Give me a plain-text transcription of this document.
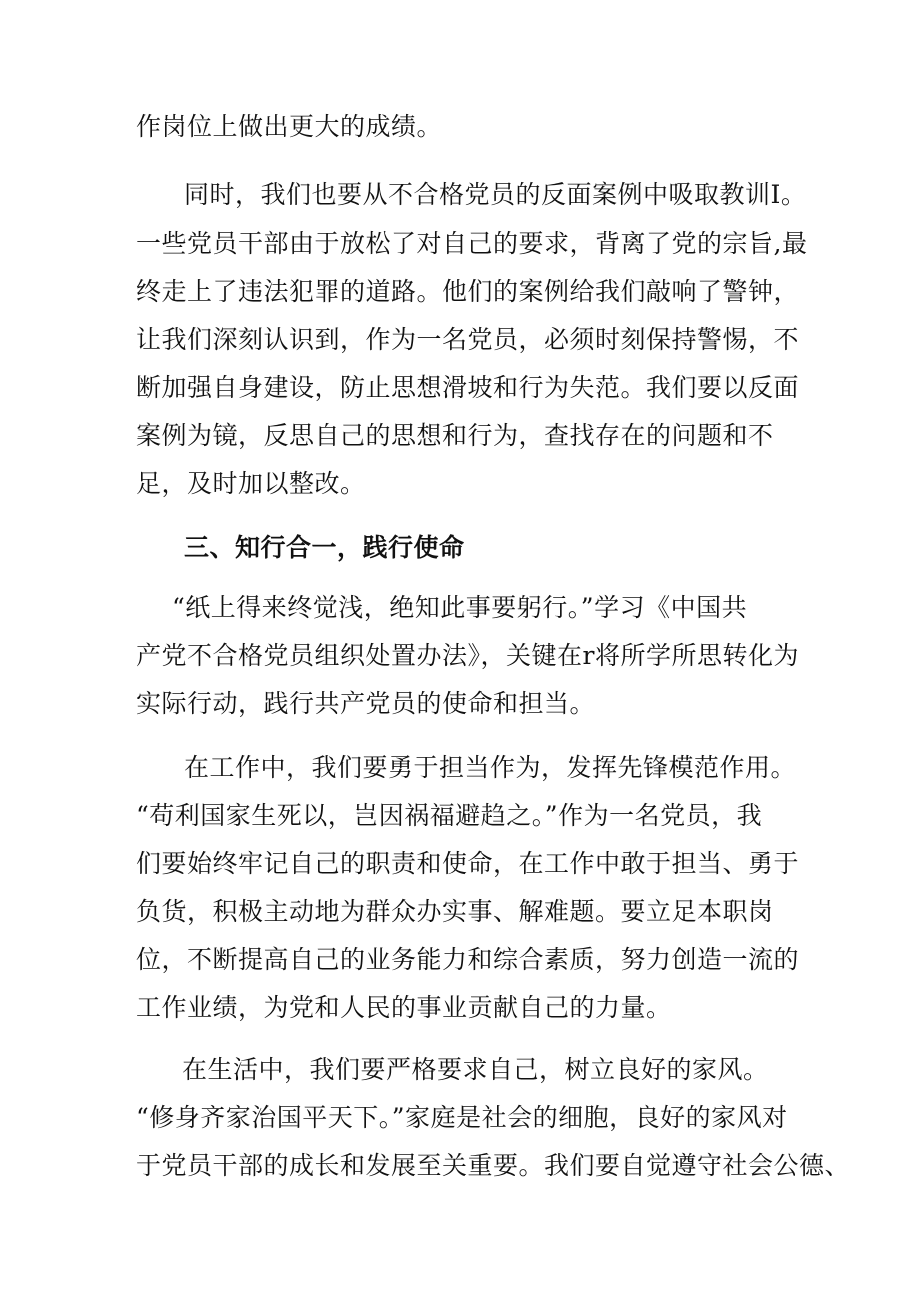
作岗位上做出更大的成绩。
同时，我们也要从不合格党员的反面案例中吸取教训I。
一些党员干部由于放松了对自己的要求，背离了党的宗旨,最
终走上了违法犯罪的道路。他们的案例给我们敲响了警钟，
让我们深刻认识到，作为一名党员，必须时刻保持警惕，不
断加强自身建设，防止思想滑坡和行为失范。我们要以反面
案例为镜，反思自己的思想和行为，查找存在的问题和不
足，及时加以整改。
三、知行合一，践行使命
“纸上得来终觉浅，绝知此事要躬行。”学习《中国共
产党不合格党员组织处置办法》，关键在r将所学所思转化为
实际行动，践行共产党员的使命和担当。
在工作中，我们要勇于担当作为，发挥先锋模范作用。
“苟利国家生死以，岂因祸福避趋之。”作为一名党员，我
们要始终牢记自己的职责和使命，在工作中敢于担当、勇于
负货，积极主动地为群众办实事、解难题。要立足本职岗
位，不断提高自己的业务能力和综合素质，努力创造一流的
工作业绩，为党和人民的事业贡献自己的力量。
在生活中，我们要严格要求自己，树立良好的家风。
“修身齐家治国平天下。”家庭是社会的细胞，良好的家风对
于党员干部的成长和发展至关重要。我们要自觉遵守社会公德、
